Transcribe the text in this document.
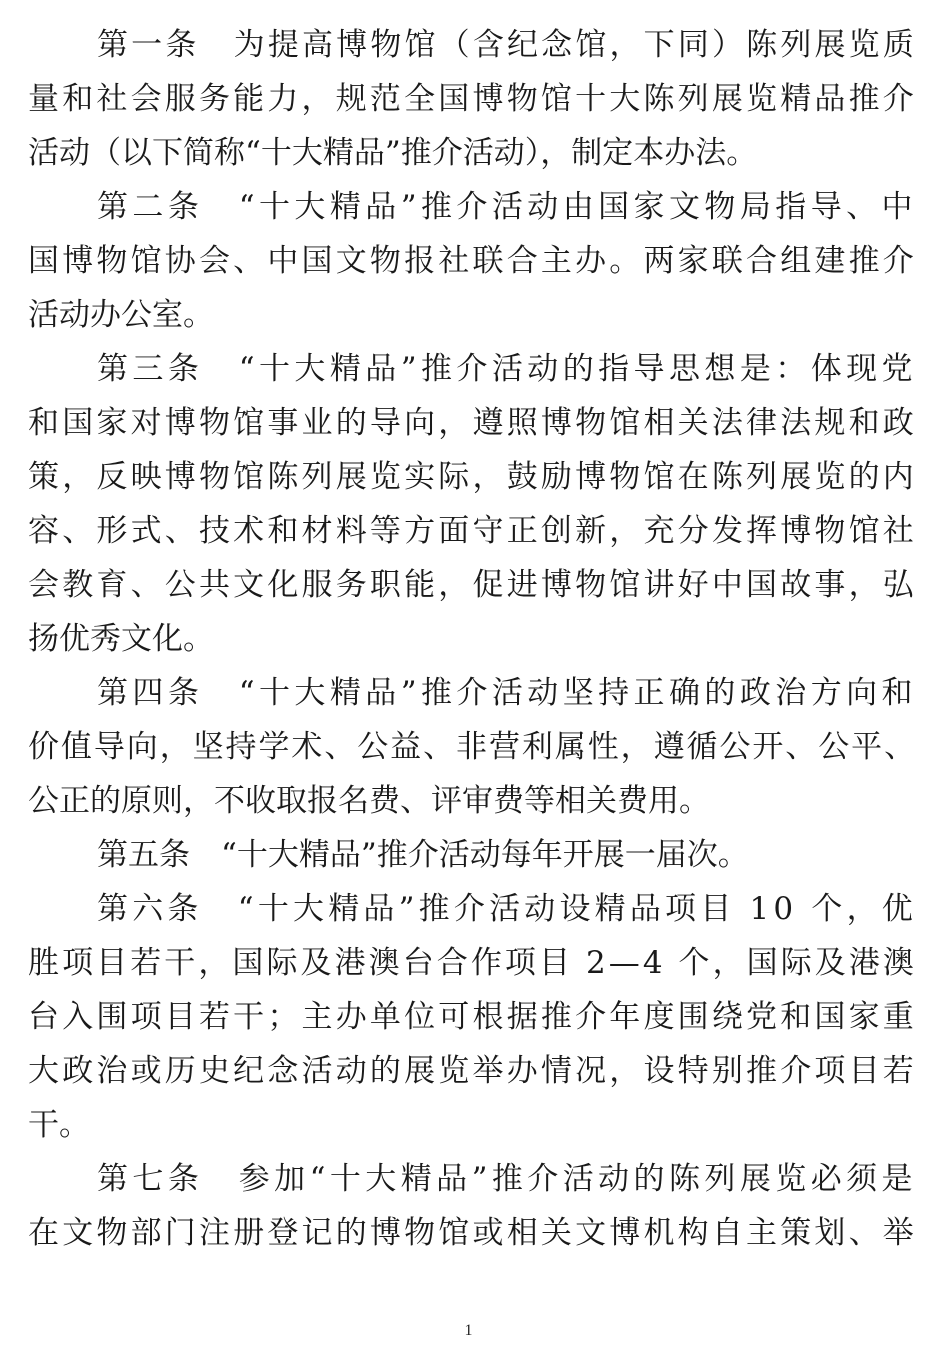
第一条　为提高博物馆（含纪念馆，下同）陈列展览质
量和社会服务能力，规范全国博物馆十大陈列展览精品推介
活动（以下简称“十大精品”推介活动），制定本办法。
第二条　“十大精品”推介活动由国家文物局指导、中
国博物馆协会、中国文物报社联合主办。两家联合组建推介
活动办公室。
第三条　“十大精品”推介活动的指导思想是：体现党
和国家对博物馆事业的导向，遵照博物馆相关法律法规和政
策，反映博物馆陈列展览实际，鼓励博物馆在陈列展览的内
容、形式、技术和材料等方面守正创新，充分发挥博物馆社
会教育、公共文化服务职能，促进博物馆讲好中国故事，弘
扬优秀文化。
第四条　“十大精品”推介活动坚持正确的政治方向和
价值导向，坚持学术、公益、非营利属性，遵循公开、公平、
公正的原则，不收取报名费、评审费等相关费用。
第五条　“十大精品”推介活动每年开展一届次。
第六条　“十大精品”推介活动设精品项目 10 个，优
胜项目若干，国际及港澳台合作项目 2—4 个，国际及港澳
台入围项目若干；主办单位可根据推介年度围绕党和国家重
大政治或历史纪念活动的展览举办情况，设特别推介项目若
干。
第七条　参加“十大精品”推介活动的陈列展览必须是
在文物部门注册登记的博物馆或相关文博机构自主策划、举
1
